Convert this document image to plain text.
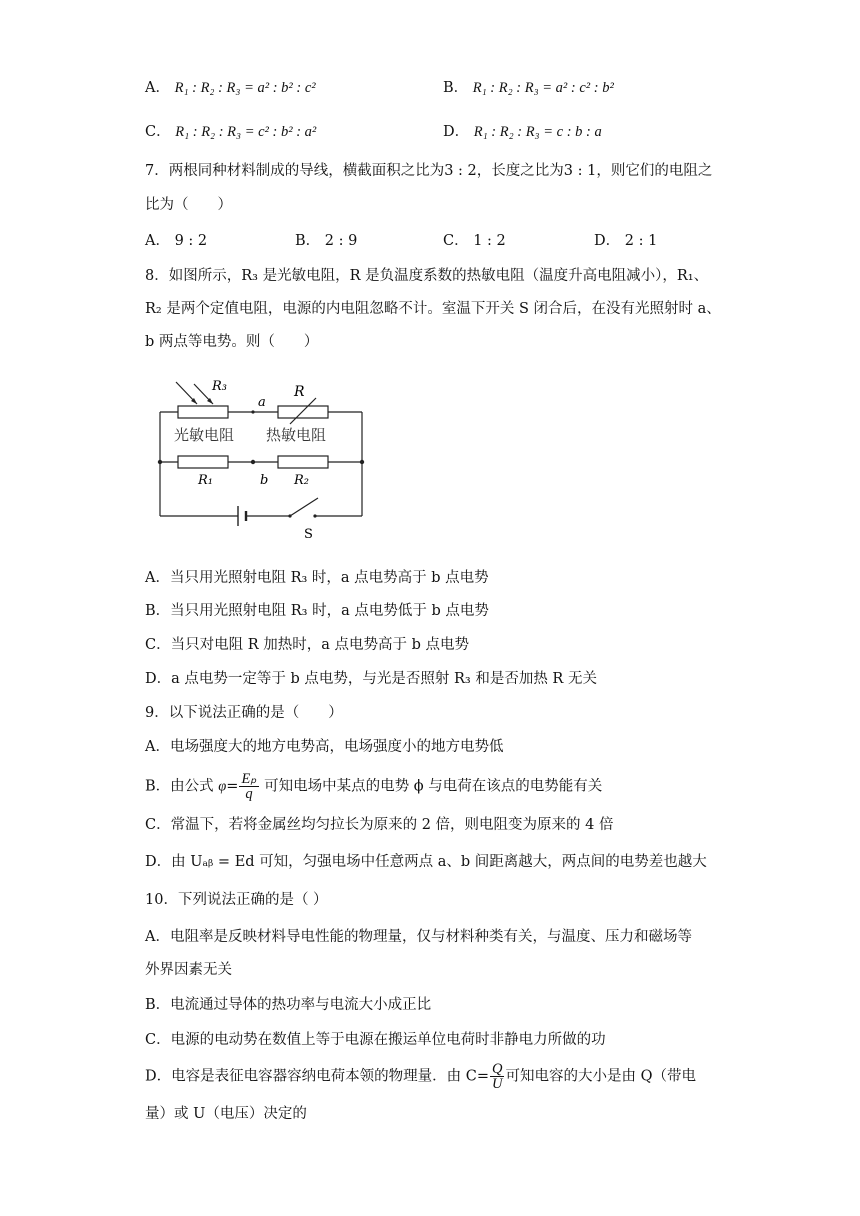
A． R₁ : R₂ : R₃ = a² : b² : c²	B． R₁ : R₂ : R₃ = a² : c² : b²
C． R₁ : R₂ : R₃ = c² : b² : a²	D． R₁ : R₂ : R₃ = c : b : a
7．两根同种材料制成的导线，横截面积之比为3 : 2，长度之比为3 : 1，则它们的电阻之
比为（　　）
A． 9 : 2	B． 2 : 9	C． 1 : 2	D． 2 : 1
8．如图所示，R₃ 是光敏电阻，R 是负温度系数的热敏电阻（温度升高电阻减小），R₁、
R₂ 是两个定值电阻，电源的内电阻忽略不计。室温下开关 S 闭合后，在没有光照射时 a、
b 两点等电势。则（　　）
R₃
a
R
光敏电阻 热敏电阻
R₁	b R₂
S
A．当只用光照射电阻 R₃ 时，a 点电势高于 b 点电势
B．当只用光照射电阻 R₃ 时，a 点电势低于 b 点电势
C．当只对电阻 R 加热时，a 点电势高于 b 点电势
D．a 点电势一定等于 b 点电势，与光是否照射 R₃ 和是否加热 R 无关
9．以下说法正确的是（　　）
A．电场强度大的地方电势高，电场强度小的地方电势低
B．由公式 $\varphi= \frac{\text{Eₚ}}{q}$ 可知电场中某点的电势 ϕ 与电荷在该点的电势能有关
C．常温下，若将金属丝均匀拉长为原来的 2 倍，则电阻变为原来的 4 倍
D．由 Uₐᵦ = Ed 可知，匀强电场中任意两点 a、b 间距离越大，两点间的电势差也越大
10．下列说法正确的是（ ）
A．电阻率是反映材料导电性能的物理量，仅与材料种类有关，与温度、压力和磁场等
外界因素无关
B．电流通过导体的热功率与电流大小成正比
C．电源的电动势在数值上等于电源在搬运单位电荷时非静电力所做的功
D．电容是表征电容器容纳电荷本领的物理量．由 $C= \frac{Q}{U}$ 可知电容的大小是由 Q（带电
量）或 U（电压）决定的
